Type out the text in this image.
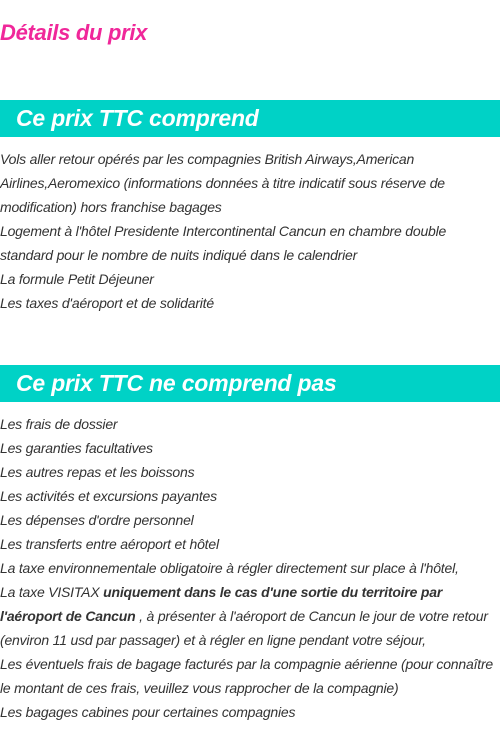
Détails du prix
Ce prix TTC comprend
Vols aller retour opérés par les compagnies British Airways,American Airlines,Aeromexico (informations données à titre indicatif sous réserve de modification) hors franchise bagages
Logement à l'hôtel Presidente Intercontinental Cancun en chambre double standard pour le nombre de nuits indiqué dans le calendrier
La formule Petit Déjeuner
Les taxes d'aéroport et de solidarité
Ce prix TTC ne comprend pas
Les frais de dossier
Les garanties facultatives
Les autres repas et les boissons
Les activités et excursions payantes
Les dépenses d'ordre personnel
Les transferts entre aéroport et hôtel
La taxe environnementale obligatoire à régler directement sur place à l'hôtel,
La taxe VISITAX uniquement dans le cas d'une sortie du territoire par l'aéroport de Cancun , à présenter à l'aéroport de Cancun le jour de votre retour (environ 11 usd par passager) et à régler en ligne pendant votre séjour,
Les éventuels frais de bagage facturés par la compagnie aérienne (pour connaître le montant de ces frais, veuillez vous rapprocher de la compagnie)
Les bagages cabines pour certaines compagnies
